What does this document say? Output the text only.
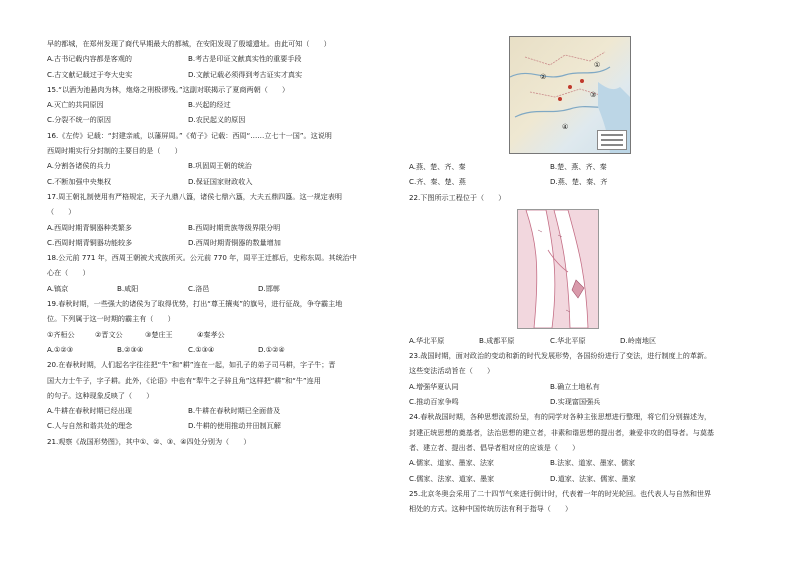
早的都城，在郑州发现了商代早期最大的都城，在安阳发现了殷墟遗址。由此可知（　　）
A.古书记载内容都是客观的	B.考古是印证文献真实性的重要手段
C.古文献记载过于夸大史实	D.文献记载必须得到考古证实才真实
15.“以酒为池悬肉为林，炮烙之刑极谬残。”这副对联揭示了夏商两朝（　　）
A.灭亡的共同原因	B.兴起的经过
C.分裂不统一的原因	D.农民起义的原因
16.《左传》记载：“封建亲戚，以藩屏周。”《荀子》记载：西周“……立七十一国”。这说明
西周时期实行分封制的主要目的是（　　）
A.分割各诸侯的兵力	B.巩固周王朝的统治
C.不断加强中央集权	D.保证国家财政收入
17.周王朝礼制使用有严格规定，天子九鼎八簋，诸侯七鼎六簋，大夫五鼎四簋。这一规定表明
（　　）
A.西周时期青铜器种类繁多	B.西周时期贵族等级界限分明
C.西周时期青铜器功能较多	D.西周时期青铜器的数量增加
18.公元前 771 年，西周王朝被犬戎族所灭。公元前 770 年，周平王迁都后，史称东周。其统治中
心在（　　）
A.镐京	B.咸阳	C.洛邑	D.邯郸
19.春秋时期，一些强大的诸侯为了取得优势，打出“尊王攘夷”的旗号，进行征战，争夺霸主地
位。下列属于这一时期的霸主有（　　）
①齐桓公	②晋文公	③楚庄王	④秦孝公
A.①②③	B.②③④	C.①③④	D.①②④
20.在春秋时期，人们起名字往往把“牛”和“耕”连在一起，如孔子的弟子司马耕，字子牛；晋
国大力士牛子，字子耕。此外，《论语》中也有“犁牛之子骍且角”这样把“耕”和“牛”连用
的句子。这种现象反映了（　　）
A.牛耕在春秋时期已经出现	B.牛耕在春秋时期已全面普及
C.人与自然和谐共处的理念	D.牛耕的使用推动井田制瓦解
21.观察《战国形势图》，其中①、②、③、④四处分别为（　　）
①
②
③
④
A.燕、楚、齐、秦	B.楚、燕、齐、秦
C.齐、秦、楚、燕	D.燕、楚、秦、齐
22.下图所示工程位于（　　）
A.华北平原	B.成都平原	C.华北平原	D.岭南地区
23.战国时期，面对政治的变动和新的时代发展形势，各国纷纷进行了变法，进行制度上的革新。
这些变法活动旨在（　　）
A.增强华夏认同	B.确立土地私有
C.推动百家争鸣	D.实现富国强兵
24.春秋战国时期，各种思想流派纷呈，有的同学对各种主张思想进行整理，将它们分别描述为，
封建正统思想的奠基者，法治思想的建立者，非素和谐思想的提出者，兼爱非攻的倡导者。与莫基
者、建立者、提出者、倡导者相对应的应该是（　　）
A.儒家、道家、墨家、法家	B.法家、道家、墨家、儒家
C.儒家、法家、道家、墨家	D.道家、法家、儒家、墨家
25.北京冬奥会采用了二十四节气来进行倒计时，代表着一年的时光轮回。也代表人与自然和世界
相处的方式。这种中国传统历法有利于指导（　　）
